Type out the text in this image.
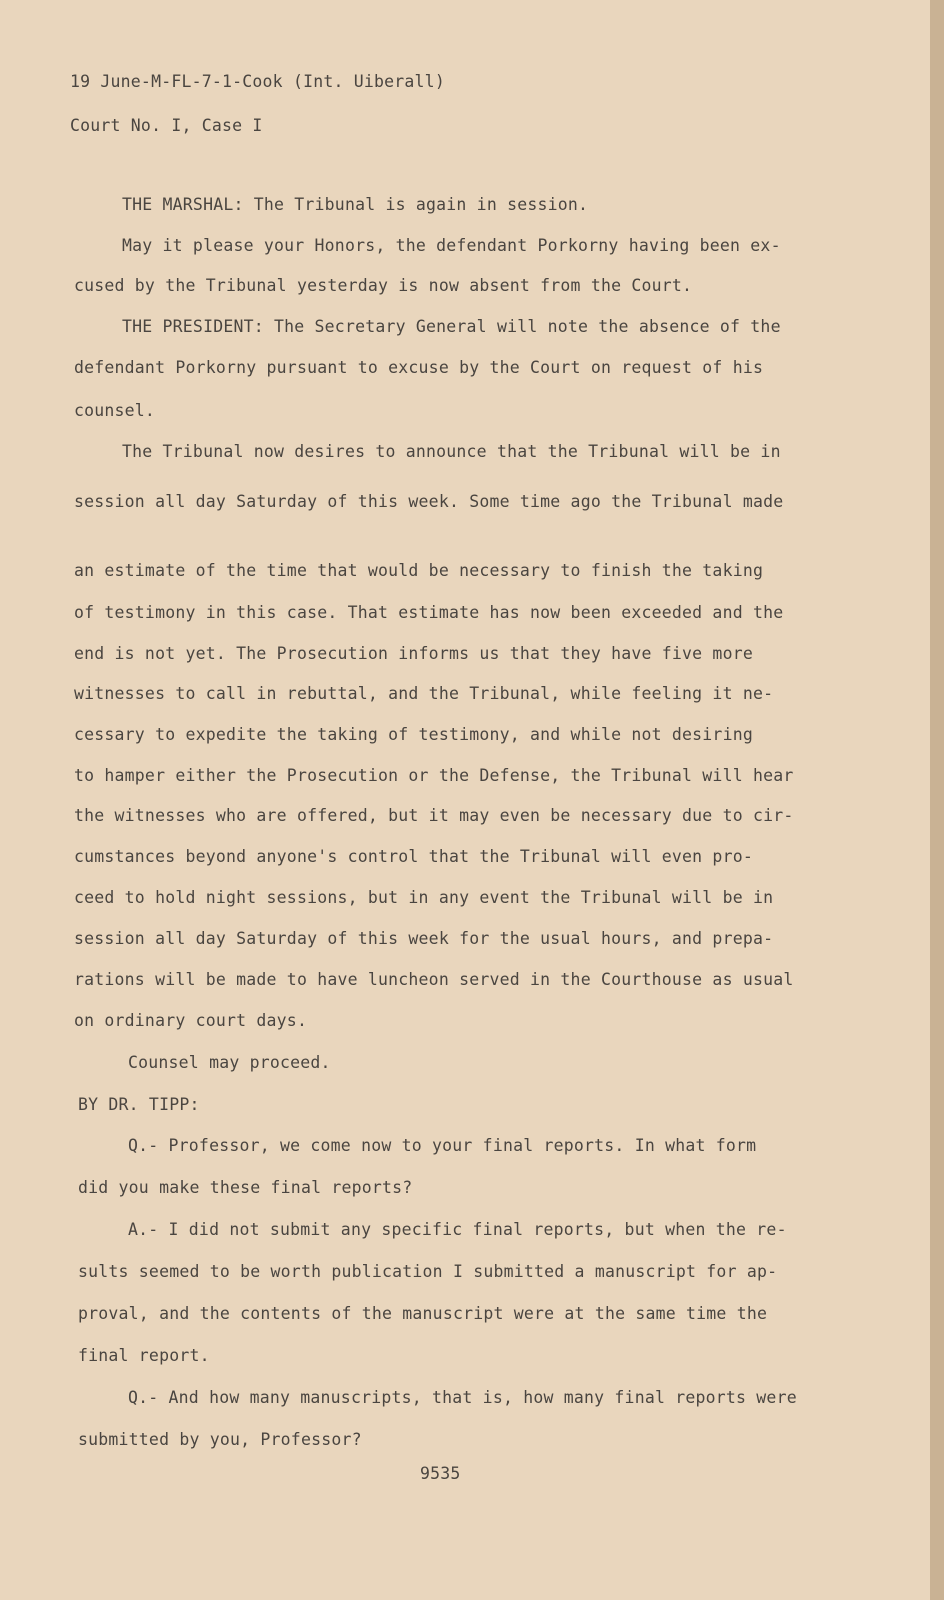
19 June-M-FL-7-1-Cook (Int. Uiberall)
Court No. I, Case I
THE MARSHAL: The Tribunal is again in session.
May it please your Honors, the defendant Porkorny having been ex-
cused by the Tribunal yesterday is now absent from the Court.
THE PRESIDENT: The Secretary General will note the absence of the
defendant Porkorny pursuant to excuse by the Court on request of his
counsel.
The Tribunal now desires to announce that the Tribunal will be in
session all day Saturday of this week. Some time ago the Tribunal made
an estimate of the time that would be necessary to finish the taking
of testimony in this case. That estimate has now been exceeded and the
end is not yet. The Prosecution informs us that they have five more
witnesses to call in rebuttal, and the Tribunal, while feeling it ne-
cessary to expedite the taking of testimony, and while not desiring
to hamper either the Prosecution or the Defense, the Tribunal will hear
the witnesses who are offered, but it may even be necessary due to cir-
cumstances beyond anyone's control that the Tribunal will even pro-
ceed to hold night sessions, but in any event the Tribunal will be in
session all day Saturday of this week for the usual hours, and prepa-
rations will be made to have luncheon served in the Courthouse as usual
on ordinary court days.
Counsel may proceed.
BY DR. TIPP:
Q.- Professor, we come now to your final reports. In what form
did you make these final reports?
A.- I did not submit any specific final reports, but when the re-
sults seemed to be worth publication I submitted a manuscript for ap-
proval, and the contents of the manuscript were at the same time the
final report.
Q.- And how many manuscripts, that is, how many final reports were
submitted by you, Professor?
9535
